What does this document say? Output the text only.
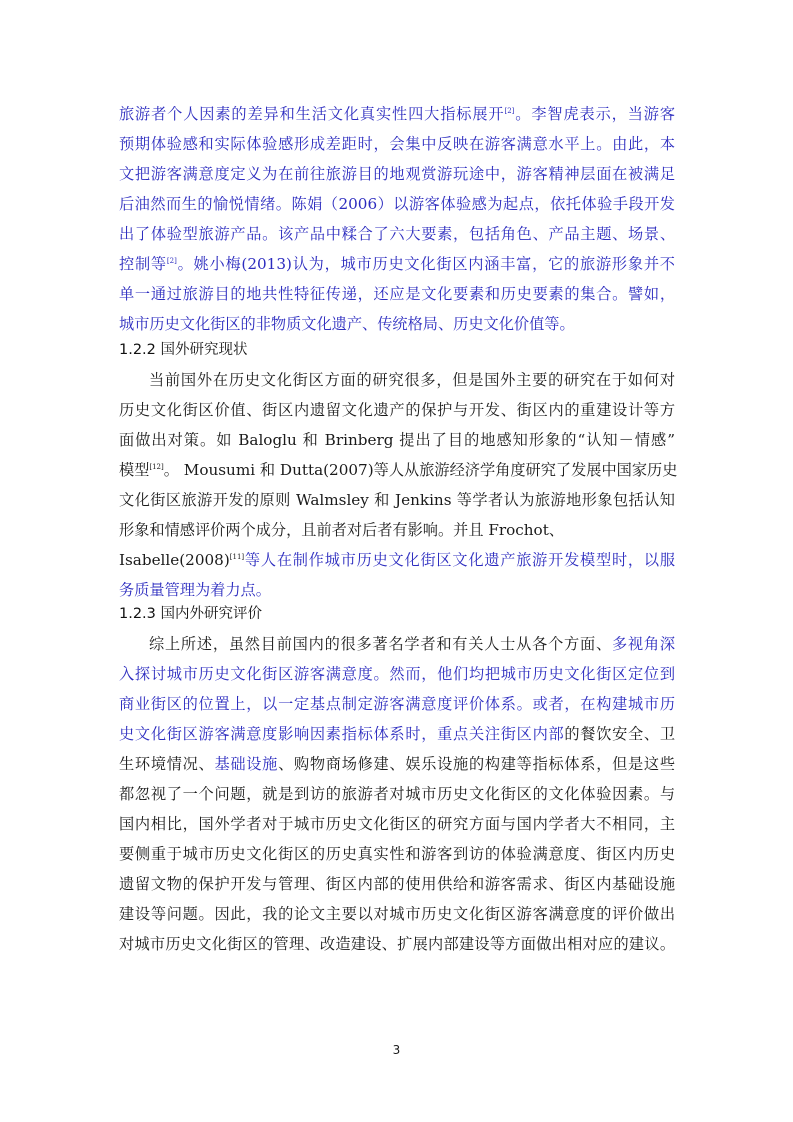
旅游者个人因素的差异和生活文化真实性四大指标展开[2]。李智虎表示，当游客
预期体验感和实际体验感形成差距时，会集中反映在游客满意水平上。由此，本
文把游客满意度定义为在前往旅游目的地观赏游玩途中，游客精神层面在被满足
后油然而生的愉悦情绪。陈娟（2006）以游客体验感为起点，依托体验手段开发
出了体验型旅游产品。该产品中糅合了六大要素，包括角色、产品主题、场景、
控制等[2]。姚小梅(2013)认为，城市历史文化街区内涵丰富，它的旅游形象并不
单一通过旅游目的地共性特征传递，还应是文化要素和历史要素的集合。譬如，
城市历史文化街区的非物质文化遗产、传统格局、历史文化价值等。
1.2.2 国外研究现状
当前国外在历史文化街区方面的研究很多，但是国外主要的研究在于如何对
历史文化街区价值、街区内遗留文化遗产的保护与开发、街区内的重建设计等方
面做出对策。如 Baloglu 和 Brinberg 提出了目的地感知形象的“认知－情感”
模型[12]。 Mousumi 和 Dutta(2007)等人从旅游经济学角度研究了发展中国家历史
文化街区旅游开发的原则 Walmsley 和 Jenkins 等学者认为旅游地形象包括认知
形象和情感评价两个成分，且前者对后者有影响。并且 Frochot、
Isabelle(2008)[11]等人在制作城市历史文化街区文化遗产旅游开发模型时，以服
务质量管理为着力点。
1.2.3 国内外研究评价
综上所述，虽然目前国内的很多著名学者和有关人士从各个方面、多视角深
入探讨城市历史文化街区游客满意度。然而，他们均把城市历史文化街区定位到
商业街区的位置上，以一定基点制定游客满意度评价体系。或者，在构建城市历
史文化街区游客满意度影响因素指标体系时，重点关注街区内部的餐饮安全、卫
生环境情况、基础设施、购物商场修建、娱乐设施的构建等指标体系，但是这些
都忽视了一个问题，就是到访的旅游者对城市历史文化街区的文化体验因素。与
国内相比，国外学者对于城市历史文化街区的研究方面与国内学者大不相同，主
要侧重于城市历史文化街区的历史真实性和游客到访的体验满意度、街区内历史
遗留文物的保护开发与管理、街区内部的使用供给和游客需求、街区内基础设施
建设等问题。因此，我的论文主要以对城市历史文化街区游客满意度的评价做出
对城市历史文化街区的管理、改造建设、扩展内部建设等方面做出相对应的建议。
3
